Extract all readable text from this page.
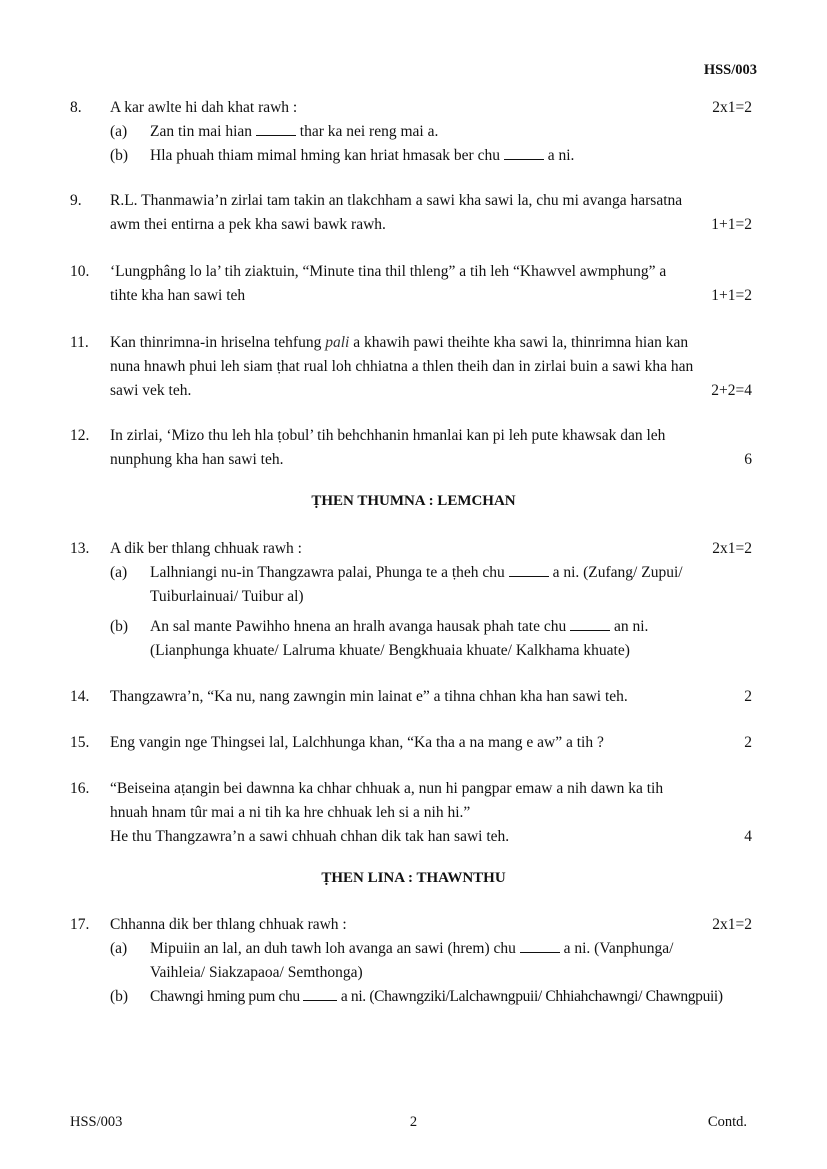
HSS/003
8.	A kar awlte hi dah khat rawh :	2x1=2
(a)	Zan tin mai hian	thar ka nei reng mai a.
(b)	Hla phuah thiam mimal hming kan hriat hmasak ber chu	a ni.
9.	R.L. Thanmawia’n zirlai tam takin an tlakchham a sawi kha sawi la, chu mi avanga harsatna
awm thei entirna a pek kha sawi bawk rawh.	1+1=2
10.	‘Lungphâng lo la’ tih ziaktuin, “Minute tina thil thleng” a tih leh “Khawvel awmphung” a
tihte kha han sawi teh	1+1=2
11.	Kan thinrimna-in hriselna tehfung pali a khawih pawi theihte kha sawi la, thinrimna hian kan
nuna hnawh phui leh siam ṭhat rual loh chhiatna a thlen theih dan in zirlai buin a sawi kha han
sawi vek teh.	2+2=4
12.	In zirlai, ‘Mizo thu leh hla ṭobul’ tih behchhanin hmanlai kan pi leh pute khawsak dan leh
nunphung kha han sawi teh.	6
ṬHEN THUMNA : LEMCHAN
13.	A dik ber thlang chhuak rawh :	2x1=2
(a)	Lalhniangi nu-in Thangzawra palai, Phunga te a ṭheh chu	a ni. (Zufang/ Zupui/
Tuiburlainuai/ Tuibur al)
(b)	An sal mante Pawihho hnena an hralh avanga hausak phah tate chu	an ni.
(Lianphunga khuate/ Lalruma khuate/ Bengkhuaia khuate/ Kalkhama khuate)
14.	Thangzawra’n, “Ka nu, nang zawngin min lainat e” a tihna chhan kha han sawi teh.	2
15.	Eng vangin nge Thingsei lal, Lalchhunga khan, “Ka tha a na mang e aw” a tih ?	2
16.	“Beiseina aṭangin bei dawnna ka chhar chhuak a, nun hi pangpar emaw a nih dawn ka tih
hnuah hnam tûr mai a ni tih ka hre chhuak leh si a nih hi.”
He thu Thangzawra’n a sawi chhuah chhan dik tak han sawi teh.	4
ṬHEN LINA : THAWNTHU
17.	Chhanna dik ber thlang chhuak rawh :	2x1=2
(a)	Mipuiin an lal, an duh tawh loh avanga an sawi (hrem) chu	a ni. (Vanphunga/
Vaihleia/ Siakzapaoa/ Semthonga)
(b)	Chawngi hming pum chu	a ni. (Chawngziki/Lalchawngpuii/ Chhiahchawngi/ Chawngpuii)
HSS/003	2	Contd.
